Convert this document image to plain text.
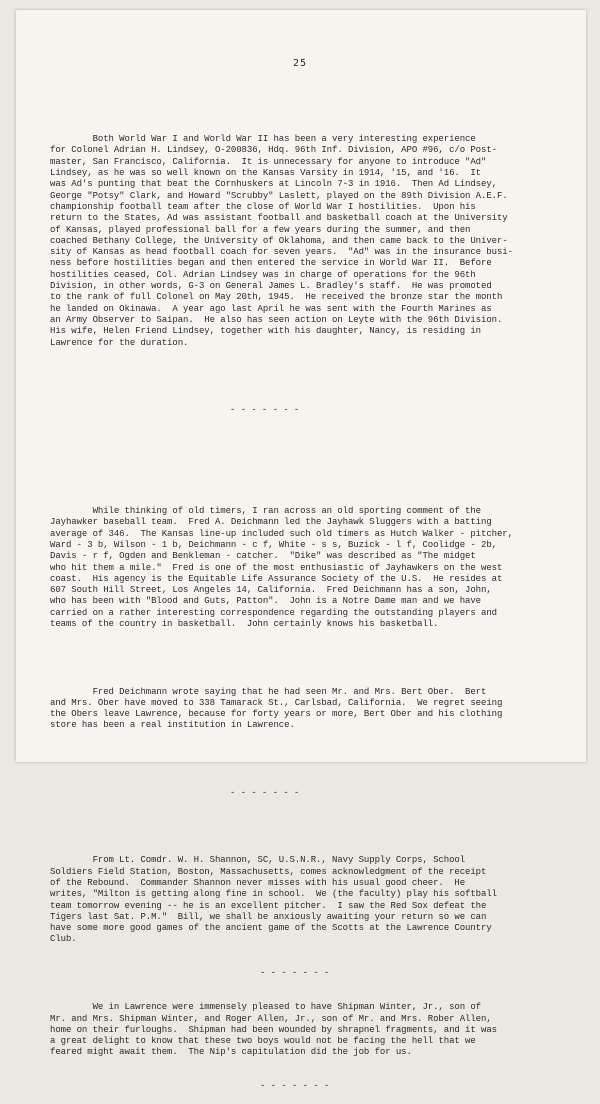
25

Both World War I and World War II has been a very interesting experience
for Colonel Adrian H. Lindsey, O-200836, Hdq. 96th Inf. Division, APO #96, c/o Post-
master, San Francisco, California.  It is unnecessary for anyone to introduce "Ad"
Lindsey, as he was so well known on the Kansas Varsity in 1914, '15, and '16.  It
was Ad's punting that beat the Cornhuskers at Lincoln 7-3 in 1916.  Then Ad Lindsey,
George "Potsy" Clark, and Howard "Scrubby" Laslett, played on the 89th Division A.E.F.
championship football team after the close of World War I hostilities.  Upon his
return to the States, Ad was assistant football and basketball coach at the University
of Kansas, played professional ball for a few years during the summer, and then
coached Bethany College, the University of Oklahoma, and then came back to the Univer-
sity of Kansas as head football coach for seven years.  "Ad" was in the insurance busi-
ness before hostilities began and then entered the service in World War II.  Before
hostilities ceased, Col. Adrian Lindsey was in charge of operations for the 96th
Division, in other words, G-3 on General James L. Bradley's staff.  He was promoted
to the rank of full Colonel on May 20th, 1945.  He received the bronze star the month
he landed on Okinawa.  A year ago last April he was sent with the Fourth Marines as
an Army Observer to Saipan.  He also has seen action on Leyte with the 96th Division.
His wife, Helen Friend Lindsey, together with his daughter, Nancy, is residing in
Lawrence for the duration.

- - - - - - -

While thinking of old timers, I ran across an old sporting comment of the
Jayhawker baseball team.  Fred A. Deichmann led the Jayhawk Sluggers with a batting
average of 346.  The Kansas line-up included such old timers as Hutch Walker - pitcher,
Ward - 3 b, Wilson - 1 b, Deichmann - c f, White - s s, Buzick - l f, Coolidge - 2b,
Davis - r f, Ogden and Benkleman - catcher.  "Dike" was described as "The midget
who hit them a mile."  Fred is one of the most enthusiastic of Jayhawkers on the west
coast.  His agency is the Equitable Life Assurance Society of the U.S.  He resides at
607 South Hill Street, Los Angeles 14, California.  Fred Deichmann has a son, John,
who has been with "Blood and Guts, Patton".  John is a Notre Dame man and we have
carried on a rather interesting correspondence regarding the outstanding players and
teams of the country in basketball.  John certainly knows his basketball.

Fred Deichmann wrote saying that he had seen Mr. and Mrs. Bert Ober.  Bert
and Mrs. Ober have moved to 338 Tamarack St., Carlsbad, California.  We regret seeing
the Obers leave Lawrence, because for forty years or more, Bert Ober and his clothing
store has been a real institution in Lawrence.

- - - - - - -

From Lt. Comdr. W. H. Shannon, SC, U.S.N.R., Navy Supply Corps, School
Soldiers Field Station, Boston, Massachusetts, comes acknowledgment of the receipt
of the Rebound.  Commander Shannon never misses with his usual good cheer.  He
writes, "Milton is getting along fine in school.  We (the faculty) play his softball
team tomorrow evening -- he is an excellent pitcher.  I saw the Red Sox defeat the
Tigers last Sat. P.M."  Bill, we shall be anxiously awaiting your return so we can
have some more good games of the ancient game of the Scotts at the Lawrence Country
Club.

- - - - - - -

We in Lawrence were immensely pleased to have Shipman Winter, Jr., son of
Mr. and Mrs. Shipman Winter, and Roger Allen, Jr., son of Mr. and Mrs. Rober Allen,
home on their furloughs.  Shipman had been wounded by shrapnel fragments, and it was
a great delight to know that these two boys would not be facing the hell that we
feared might await them.  The Nip's capitulation did the job for us.

- - - - - - -
